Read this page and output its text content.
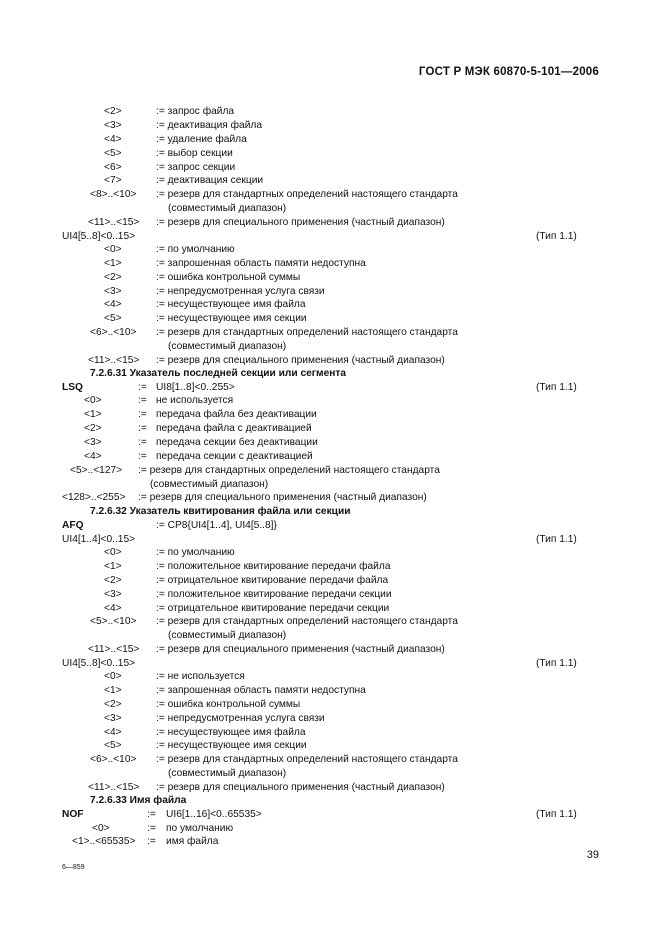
ГОСТ Р МЭК 60870-5-101—2006
<2>	:= запрос файла
<3>	:= деактивация файла
<4>	:= удаление файла
<5>	:= выбор секции
<6>	:= запрос секции
<7>	:= деактивация секции
<8>..<10> := резерв для стандартных определений настоящего стандарта
(совместимый диапазон)
<11>..<15> := резерв для специального применения (частный диапазон)
UI4[5..8]<0..15>	(Тип 1.1)
<0>	:= по умолчанию
<1>	:= запрошенная область памяти недоступна
<2>	:= ошибка контрольной суммы
<3>	:= непредусмотренная услуга связи
<4>	:= несуществующее имя файла
<5>	:= несуществующее имя секции
<6>..<10> := резерв для стандартных определений настоящего стандарта
(совместимый диапазон)
<11>..<15> := резерв для специального применения (частный диапазон)
7.2.6.31 Указатель последней секции или сегмента
LSQ	:= UI8[1..8]<0..255>	(Тип 1.1)
<0>	:= не используется
<1>	:= передача файла без деактивации
<2>	:= передача файла с деактивацией
<3>	:= передача секции без деактивации
<4>	:= передача секции с деактивацией
<5>..<127> := резерв для стандартных определений настоящего стандарта
(совместимый диапазон)
<128>..<255> := резерв для специального применения (частный диапазон)
7.2.6.32 Указатель квитирования файла или секции
AFQ	:= CP8{UI4[1..4], UI4[5..8]}
UI4[1..4]<0..15>	(Тип 1.1)
<0>	:= по умолчанию
<1>	:= положительное квитирование передачи файла
<2>	:= отрицательное квитирование передачи файла
<3>	:= положительное квитирование передачи секции
<4>	:= отрицательное квитирование передачи секции
<5>..<10> := резерв для стандартных определений настоящего стандарта
(совместимый диапазон)
<11>..<15> := резерв для специального применения (частный диапазон)
UI4[5..8]<0..15>	(Тип 1.1)
<0>	:= не используется
<1>	:= запрошенная область памяти недоступна
<2>	:= ошибка контрольной суммы
<3>	:= непредусмотренная услуга связи
<4>	:= несуществующее имя файла
<5>	:= несуществующее имя секции
<6>..<10> := резерв для стандартных определений настоящего стандарта
(совместимый диапазон)
<11>..<15> := резерв для специального применения (частный диапазон)
7.2.6.33 Имя файла
NOF	:= UI6[1..16]<0..65535>	(Тип 1.1)
<0>	:= по умолчанию
<1>..<65535> := имя файла
6—859
39
